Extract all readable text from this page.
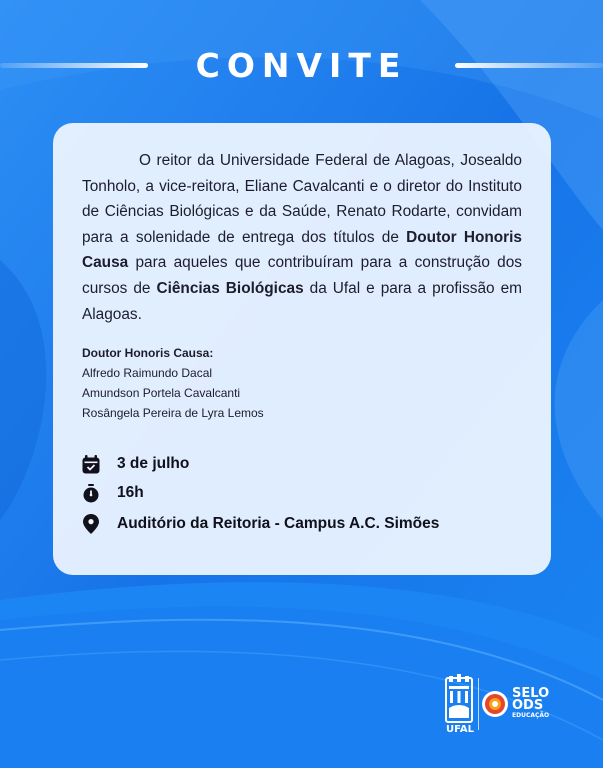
CONVITE
O reitor da Universidade Federal de Alagoas, Josealdo Tonholo, a vice-reitora, Eliane Cavalcanti e o diretor do Instituto de Ciências Biológicas e da Saúde, Renato Rodarte, convidam para a solenidade de entrega dos títulos de Doutor Honoris Causa para aqueles que contribuíram para a construção dos cursos de Ciências Biológicas da Ufal e para a profissão em Alagoas.
Doutor Honoris Causa:
Alfredo Raimundo Dacal
Amundson Portela Cavalcanti
Rosângela Pereira de Lyra Lemos
3 de julho
16h
Auditório da Reitoria - Campus A.C. Simões
UFAL
SELO
ODS
EDUCAÇÃO
